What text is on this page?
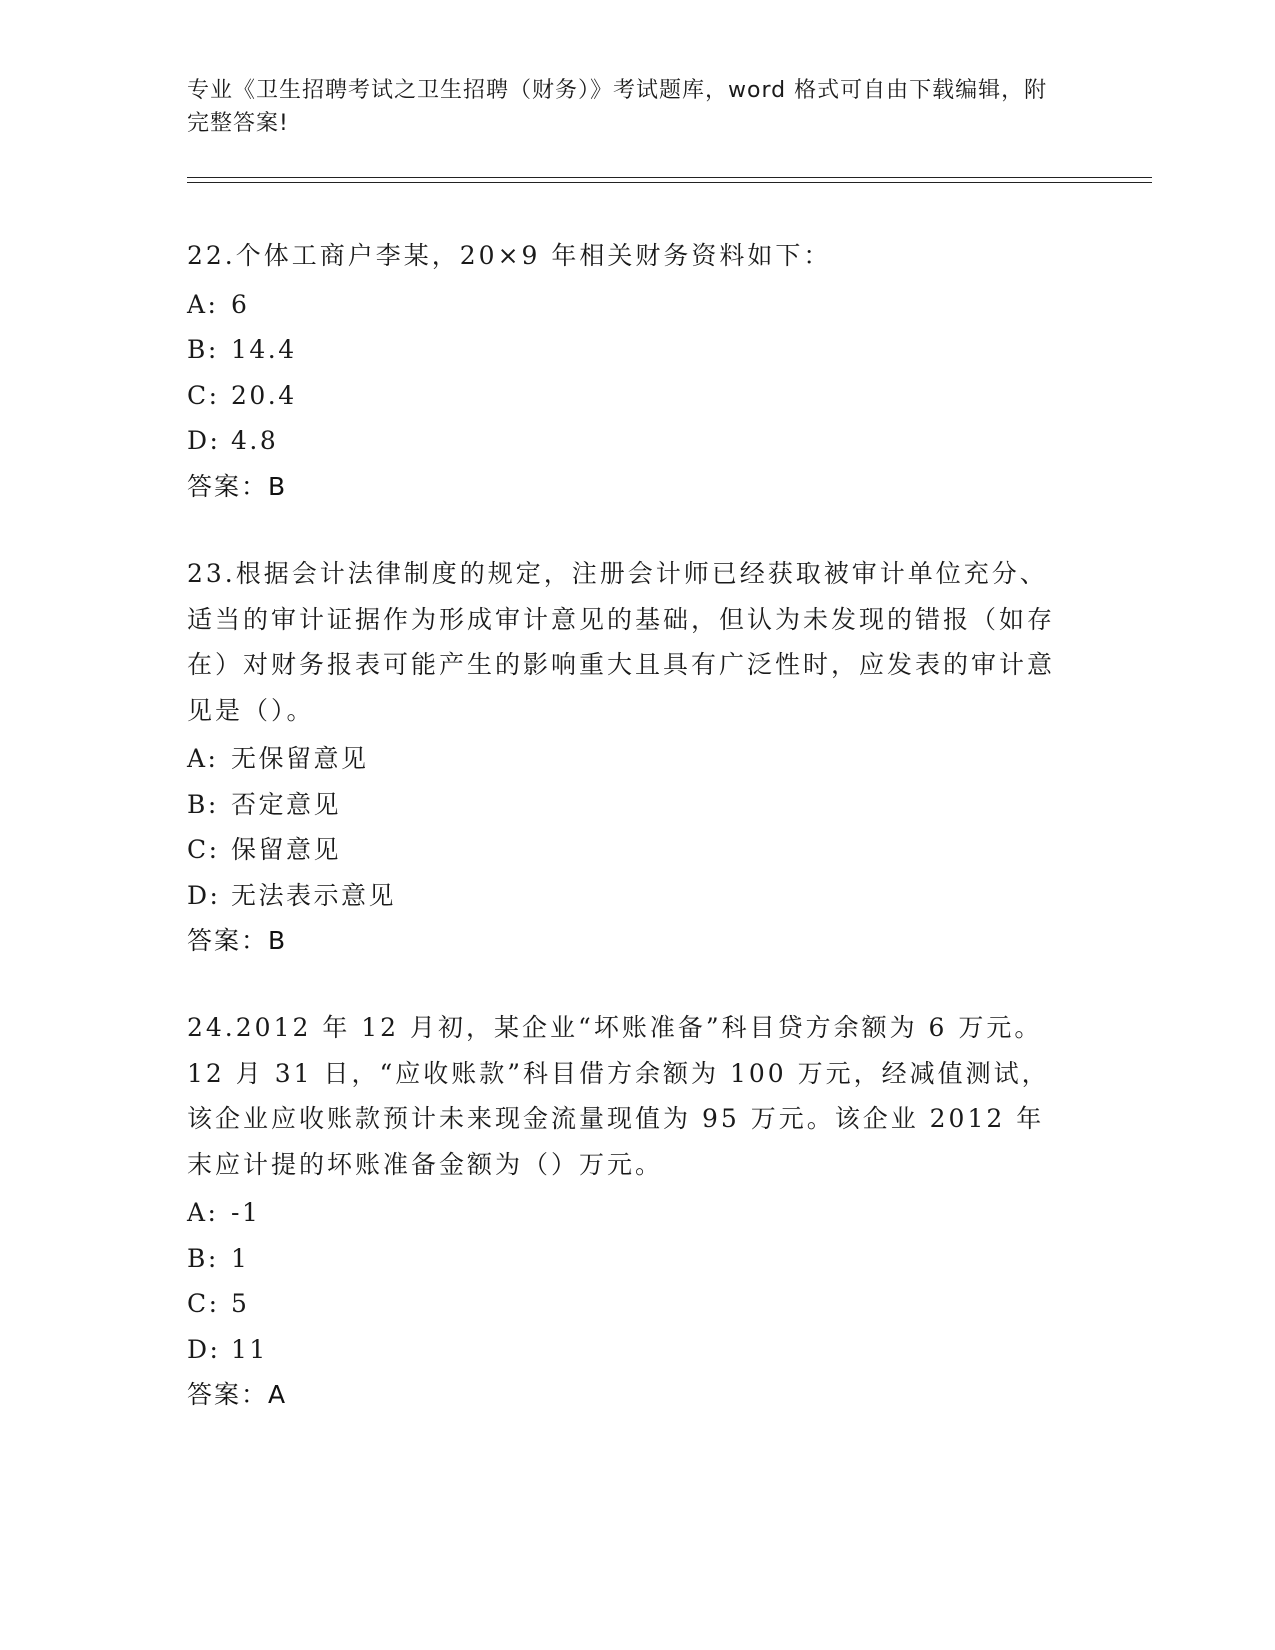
专业《卫生招聘考试之卫生招聘（财务）》考试题库，word 格式可自由下载编辑，附完整答案!
22.个体工商户李某，20×9 年相关财务资料如下：
A: 6
B: 14.4
C: 20.4
D: 4.8
答案：B
23.根据会计法律制度的规定，注册会计师已经获取被审计单位充分、适当的审计证据作为形成审计意见的基础，但认为未发现的错报（如存在）对财务报表可能产生的影响重大且具有广泛性时，应发表的审计意见是（）。
A: 无保留意见
B: 否定意见
C: 保留意见
D: 无法表示意见
答案：B
24.2012 年 12 月初，某企业“坏账准备”科目贷方余额为 6 万元。12 月 31 日，“应收账款”科目借方余额为 100 万元，经减值测试，该企业应收账款预计未来现金流量现值为 95 万元。该企业 2012 年末应计提的坏账准备金额为（）万元。
A: -1
B: 1
C: 5
D: 11
答案：A
